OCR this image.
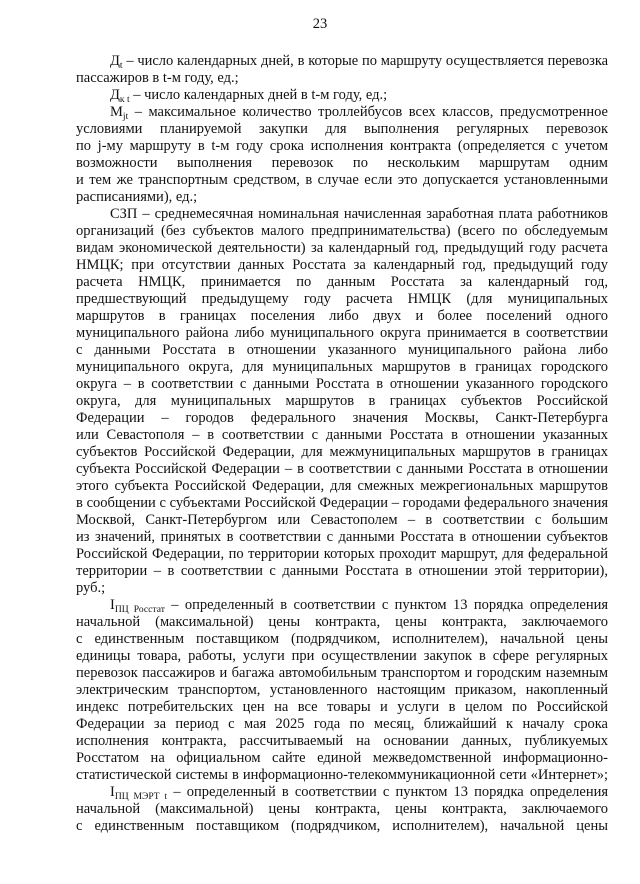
23
$Д_t$ – число календарных дней, в которые по маршруту осуществляется перевозка
пассажиров в t-м году, ед.;
$Д_{к t}$ – число календарных дней в t-м году, ед.;
$М_{jt}$ – максимальное количество троллейбусов всех классов, предусмотренное
условиями планируемой закупки для выполнения регулярных перевозок
по j-му маршруту в t-м году срока исполнения контракта (определяется с учетом
возможности выполнения перевозок по нескольким маршрутам одним
и тем же транспортным средством, в случае если это допускается установленными
расписаниями), ед.;
СЗП – среднемесячная номинальная начисленная заработная плата работников
организаций (без субъектов малого предпринимательства) (всего по обследуемым
видам экономической деятельности) за календарный год, предыдущий году расчета
НМЦК; при отсутствии данных Росстата за календарный год, предыдущий году
расчета НМЦК, принимается по данным Росстата за календарный год,
предшествующий предыдущему году расчета НМЦК (для муниципальных
маршрутов в границах поселения либо двух и более поселений одного
муниципального района либо муниципального округа принимается в соответствии
с данными Росстата в отношении указанного муниципального района либо
муниципального округа, для муниципальных маршрутов в границах городского
округа – в соответствии с данными Росстата в отношении указанного городского
округа, для муниципальных маршрутов в границах субъектов Российской
Федерации – городов федерального значения Москвы, Санкт-Петербурга
или Севастополя – в соответствии с данными Росстата в отношении указанных
субъектов Российской Федерации, для межмуниципальных маршрутов в границах
субъекта Российской Федерации – в соответствии с данными Росстата в отношении
этого субъекта Российской Федерации, для смежных межрегиональных маршрутов
в сообщении с субъектами Российской Федерации – городами федерального значения
Москвой, Санкт-Петербургом или Севастополем – в соответствии с большим
из значений, принятых в соответствии с данными Росстата в отношении субъектов
Российской Федерации, по территории которых проходит маршрут, для федеральной
территории – в соответствии с данными Росстата в отношении этой территории),
руб.;
$I_{ПЦ Росстат}$ – определенный в соответствии с пунктом 13 порядка определения
начальной (максимальной) цены контракта, цены контракта, заключаемого
с единственным поставщиком (подрядчиком, исполнителем), начальной цены
единицы товара, работы, услуги при осуществлении закупок в сфере регулярных
перевозок пассажиров и багажа автомобильным транспортом и городским наземным
электрическим транспортом, установленного настоящим приказом, накопленный
индекс потребительских цен на все товары и услуги в целом по Российской
Федерации за период с мая 2025 года по месяц, ближайший к началу срока
исполнения контракта, рассчитываемый на основании данных, публикуемых
Росстатом на официальном сайте единой межведомственной информационно-
статистической системы в информационно-телекоммуникационной сети «Интернет»;
$I_{ПЦ МЭРТ t}$ – определенный в соответствии с пунктом 13 порядка определения
начальной (максимальной) цены контракта, цены контракта, заключаемого
с единственным поставщиком (подрядчиком, исполнителем), начальной цены
